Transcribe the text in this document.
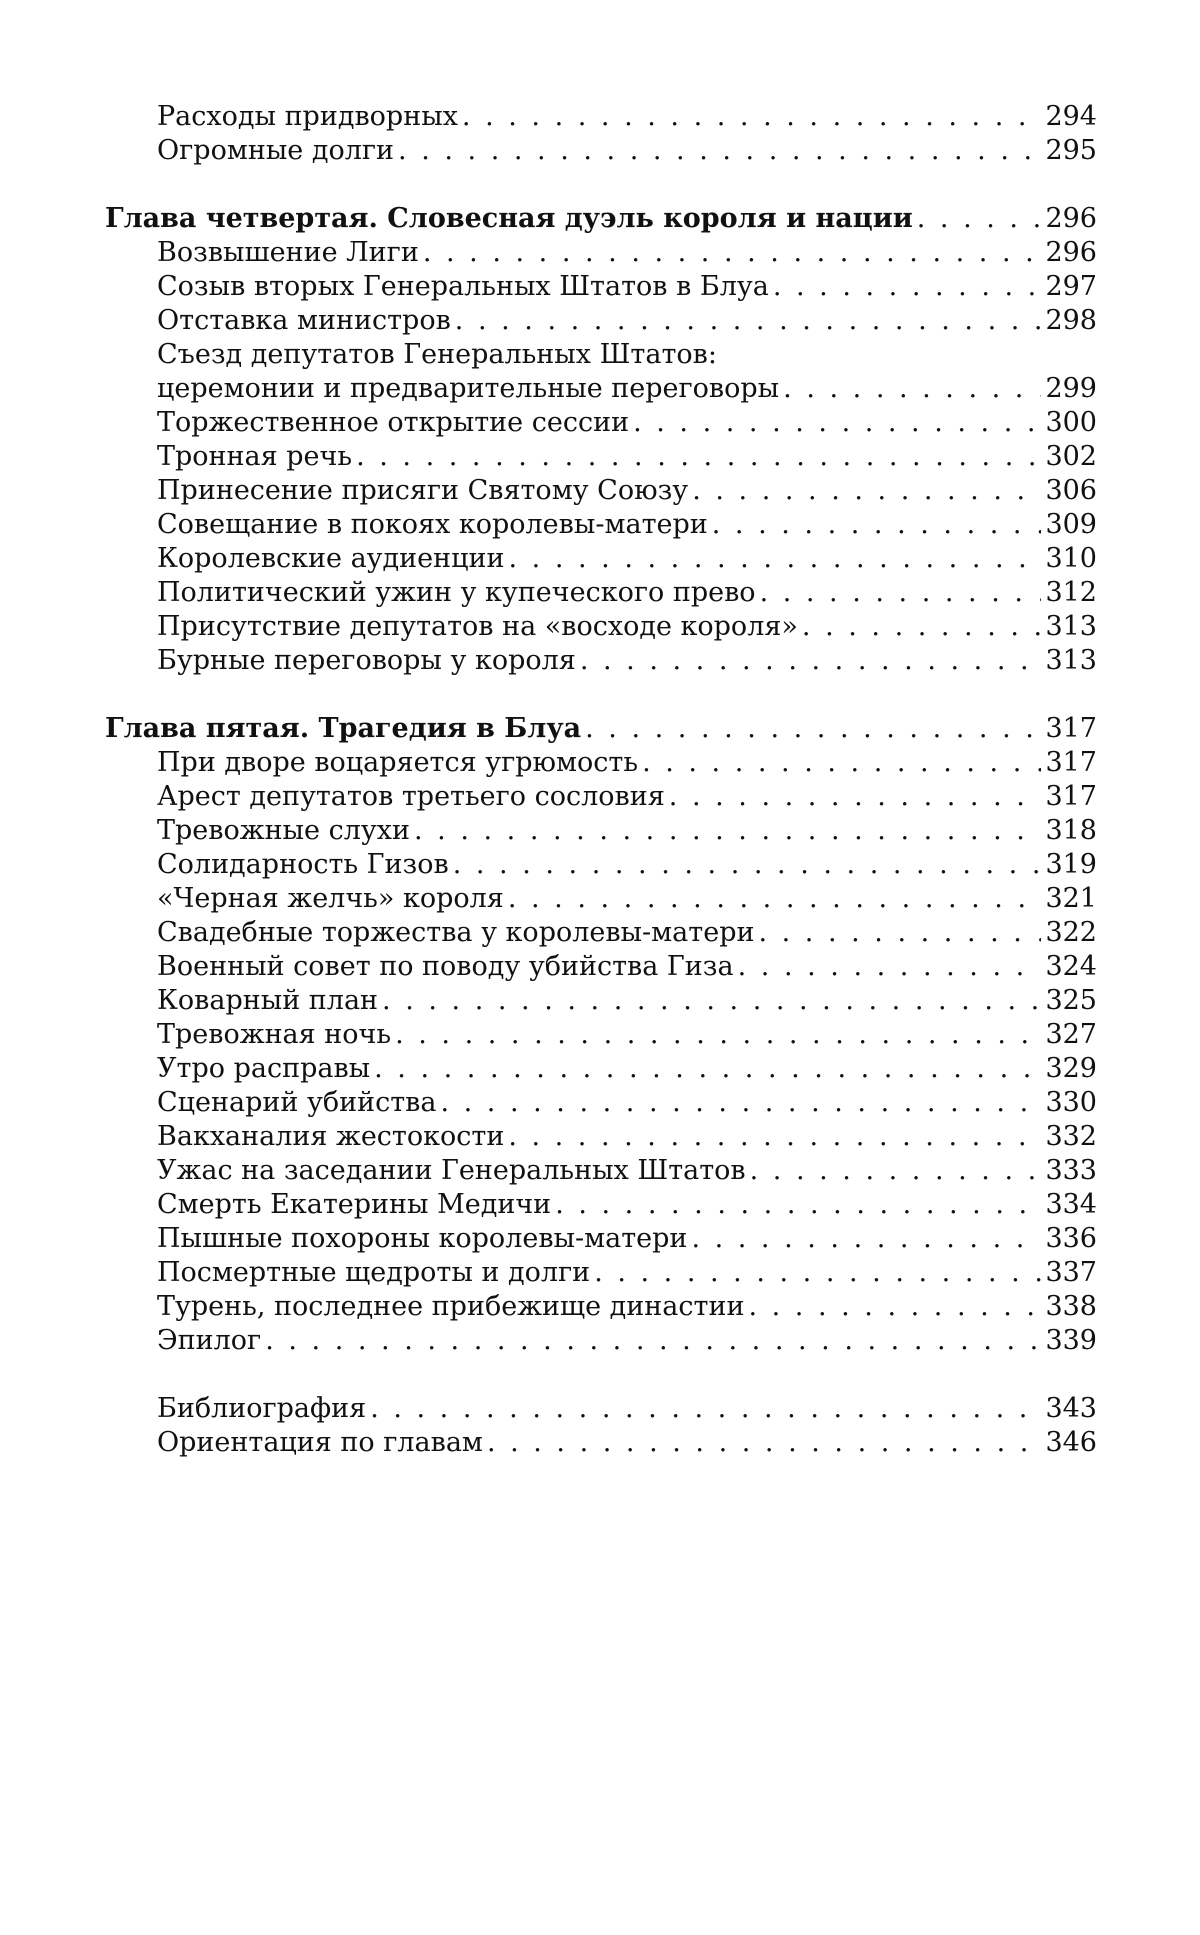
Расходы придворных . . .	294
Огромные долги . . .	295
Глава четвертая. Словесная дуэль короля и нации . . .	296
Возвышение Лиги . . .	296
Созыв вторых Генеральных Штатов в Блуа . . .	297
Отставка министров . . .	298
Съезд депутатов Генеральных Штатов:
церемонии и предварительные переговоры . . .	299
Торжественное открытие сессии . . .	300
Тронная речь . . .	302
Принесение присяги Святому Союзу . . .	306
Совещание в покоях королевы-матери . . .	309
Королевские аудиенции . . .	310
Политический ужин у купеческого прево . . .	312
Присутствие депутатов на «восходе короля» . . .	313
Бурные переговоры у короля . . .	313
Глава пятая. Трагедия в Блуа . . .	317
При дворе воцаряется угрюмость . . .	317
Арест депутатов третьего сословия . . .	317
Тревожные слухи . . .	318
Солидарность Гизов . . .	319
«Черная желчь» короля . . .	321
Свадебные торжества у королевы-матери . . .	322
Военный совет по поводу убийства Гиза . . .	324
Коварный план . . .	325
Тревожная ночь . . .	327
Утро расправы . . .	329
Сценарий убийства . . .	330
Вакханалия жестокости . . .	332
Ужас на заседании Генеральных Штатов . . .	333
Смерть Екатерины Медичи . . .	334
Пышные похороны королевы-матери . . .	336
Посмертные щедроты и долги . . .	337
Турень, последнее прибежище династии . . .	338
Эпилог . . .	339
Библиография . . .	343
Ориентация по главам . . .	346
